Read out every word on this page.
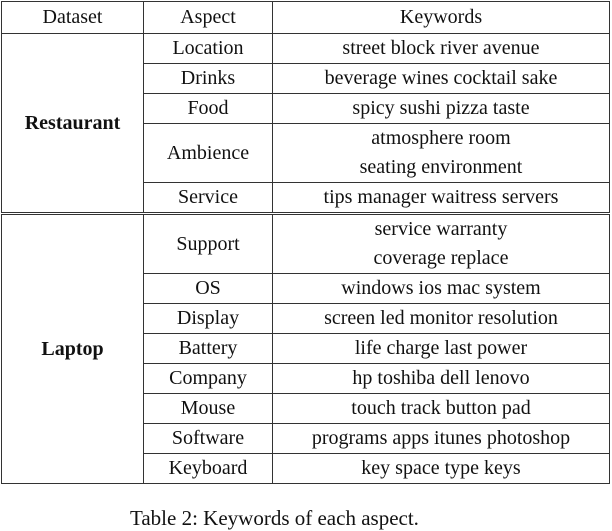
Dataset	Aspect	Keywords
Restaurant	Location	street block river avenue

	Drinks	beverage wines cocktail sake

	Food	spicy sushi pizza taste

	Ambience	atmosphere room
seating environment

	Service	tips manager waitress servers

Laptop	Support	service warranty
coverage replace

	OS	windows ios mac system

	Display	screen led monitor resolution

	Battery	life charge last power

	Company	hp toshiba dell lenovo

	Mouse	touch track button pad

	Software	programs apps itunes photoshop

	Keyboard	key space type keys
Table 2: Keywords of each aspect.
